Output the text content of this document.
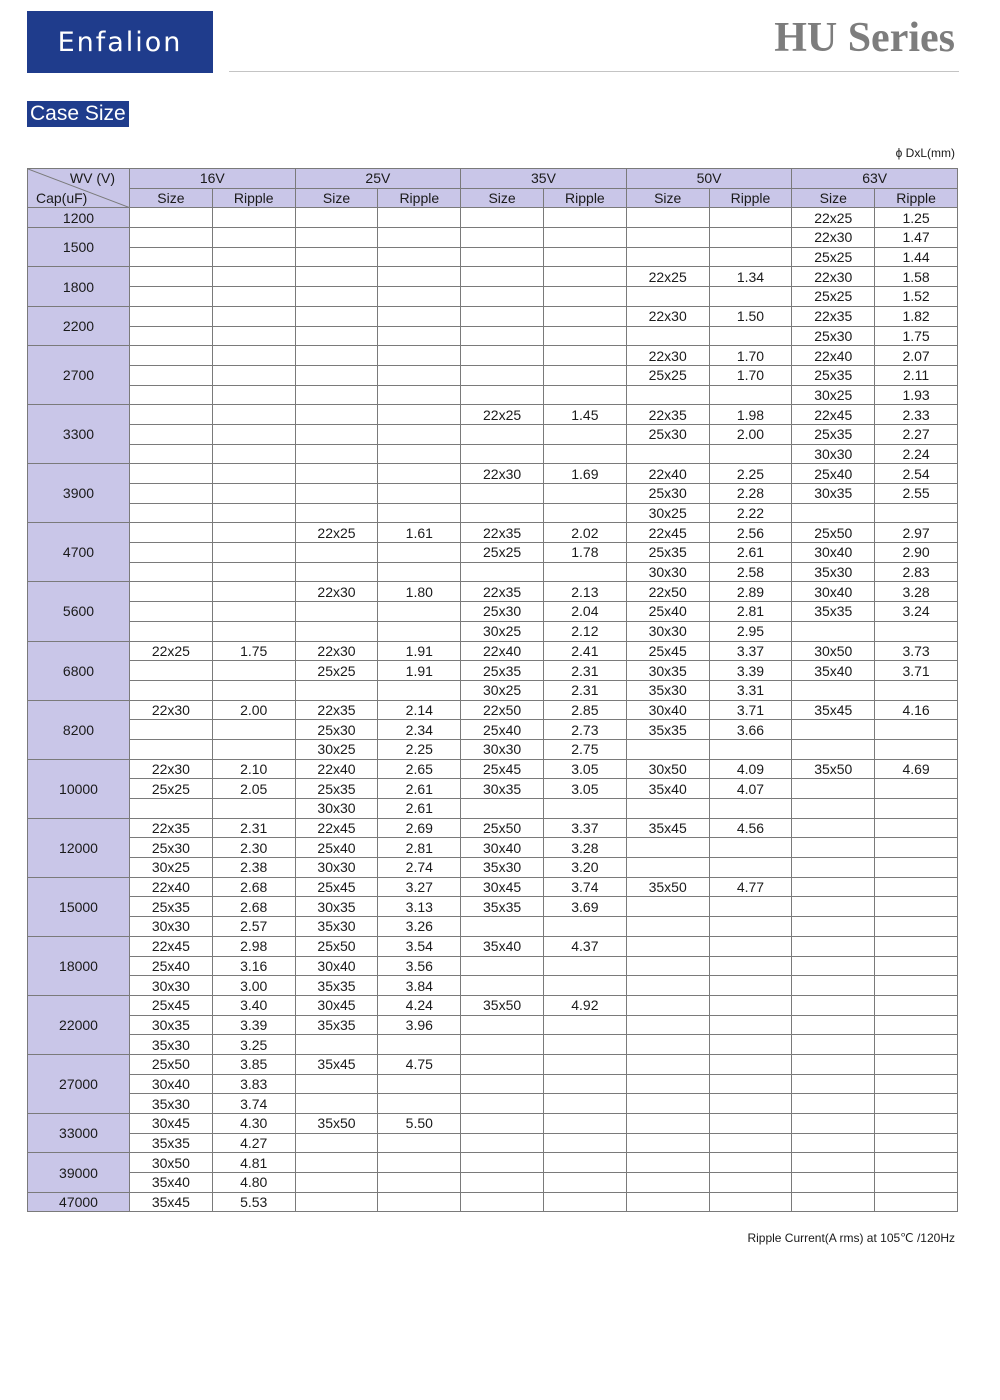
Enfalion	HU Series
Case Size
ϕ DxL(mm)
WV (V)
Cap(uF)	16V		25V		35V		50V		63V	
	Size	Ripple	Size	Ripple	Size	Ripple	Size	Ripple	Size	Ripple
1200									22x25	1.25
1500									22x30	1.47
									25x25	1.44
1800							22x25	1.34	22x30	1.58
									25x25	1.52
2200							22x30	1.50	22x35	1.82
									25x30	1.75
2700							22x30	1.70	22x40	2.07
							25x25	1.70	25x35	2.11
									30x25	1.93
3300					22x25	1.45	22x35	1.98	22x45	2.33
							25x30	2.00	25x35	2.27
									30x30	2.24
3900					22x30	1.69	22x40	2.25	25x40	2.54
							25x30	2.28	30x35	2.55
							30x25	2.22		
4700			22x25	1.61	22x35	2.02	22x45	2.56	25x50	2.97
					25x25	1.78	25x35	2.61	30x40	2.90
							30x30	2.58	35x30	2.83
5600			22x30	1.80	22x35	2.13	22x50	2.89	30x40	3.28
					25x30	2.04	25x40	2.81	35x35	3.24
					30x25	2.12	30x30	2.95		
6800	22x25	1.75	22x30	1.91	22x40	2.41	25x45	3.37	30x50	3.73
			25x25	1.91	25x35	2.31	30x35	3.39	35x40	3.71
					30x25	2.31	35x30	3.31		
8200	22x30	2.00	22x35	2.14	22x50	2.85	30x40	3.71	35x45	4.16
			25x30	2.34	25x40	2.73	35x35	3.66		
			30x25	2.25	30x30	2.75				
10000	22x30	2.10	22x40	2.65	25x45	3.05	30x50	4.09	35x50	4.69
	25x25	2.05	25x35	2.61	30x35	3.05	35x40	4.07		
			30x30	2.61						
12000	22x35	2.31	22x45	2.69	25x50	3.37	35x45	4.56		
	25x30	2.30	25x40	2.81	30x40	3.28				
	30x25	2.38	30x30	2.74	35x30	3.20				
15000	22x40	2.68	25x45	3.27	30x45	3.74	35x50	4.77		
	25x35	2.68	30x35	3.13	35x35	3.69				
	30x30	2.57	35x30	3.26						
18000	22x45	2.98	25x50	3.54	35x40	4.37				
	25x40	3.16	30x40	3.56						
	30x30	3.00	35x35	3.84						
22000	25x45	3.40	30x45	4.24	35x50	4.92				
	30x35	3.39	35x35	3.96						
	35x30	3.25								
27000	25x50	3.85	35x45	4.75						
	30x40	3.83								
	35x30	3.74								
33000	30x45	4.30	35x50	5.50						
	35x35	4.27								
39000	30x50	4.81								
	35x40	4.80								
47000	35x45	5.53								
Ripple Current(A rms) at 105℃ /120Hz
